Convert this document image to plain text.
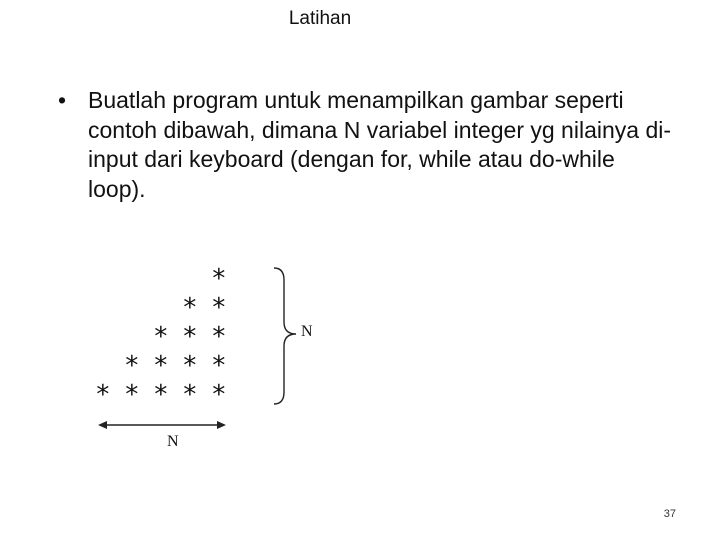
Latihan
• Buatlah program untuk menampilkan gambar seperti contoh dibawah, dimana N variabel integer yg nilainya di-input dari keyboard (dengan for, while atau do-while loop).
*
*
*
*
*
*
*
*
*
*
*
*
*
*
*
N
N
37
